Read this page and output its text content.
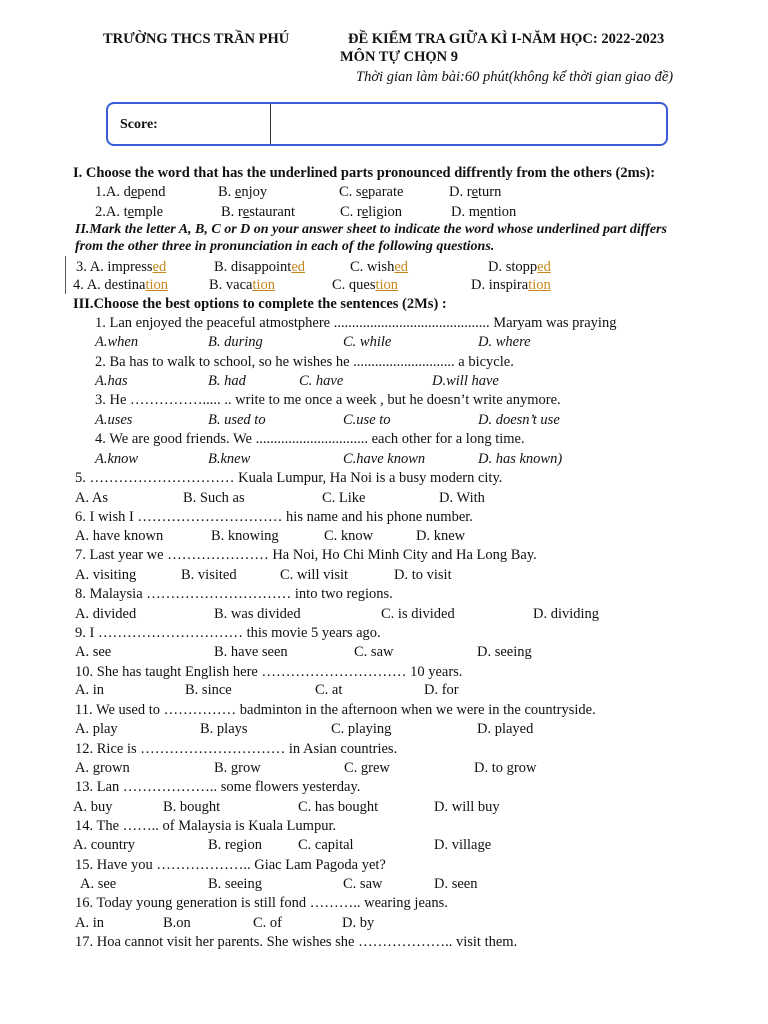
TRƯỜNG THCS TRẦN PHÚ	ĐỀ KIỂM TRA GIỮA KÌ I-NĂM HỌC: 2022-2023
MÔN TỰ CHỌN 9
Thời gian làm bài:60 phút(không kể thời gian giao đề)
Score:
I. Choose the word that has the underlined parts pronounced diffrently from the others (2ms):
1.A. depend	B. enjoy	C. separate	D. return
2.A. temple	B. restaurant	C. religion	D. mention
II.Mark the letter A, B, C or D on your answer sheet to indicate the word whose underlined part differs
from the other three in pronunciation in each of the following questions.
3. A. impressed	B. disappointed	C. wished	D. stopped
4. A. destination	B. vacation	C. question	D. inspiration
III.Choose the best options to complete the sentences (2Ms) :
1. Lan enjoyed the peaceful atmostphere ........................................... Maryam was praying
A.when	B. during	C. while	D. where
2. Ba has to walk to school, so he wishes he ............................ a bicycle.
A.has	B. had	C. have	D.will have
3. He ……………..... .. write to me once a week , but he doesn’t write anymore.
A.uses	B. used to	C.use to	D. doesn’t use
4. We are good friends. We ............................... each other for a long time.
A.know	B.knew	C.have known	D. has known)
5. ………………………… Kuala Lumpur, Ha Noi is a busy modern city.
A. As	B. Such as	C. Like	D. With
6. I wish I ………………………… his name and his phone number.
A. have known	B. knowing	C. know	D. knew
7. Last year we ………………… Ha Noi, Ho Chi Minh City and Ha Long Bay.
A. visiting	B. visited	C. will visit	D. to visit
8. Malaysia ………………………… into two regions.
A. divided	B. was divided	C. is divided	D. dividing
9. I ………………………… this movie 5 years ago.
A. see	B. have seen	C. saw	D. seeing
10. She has taught English here ………………………… 10 years.
A. in	B. since	C. at	D. for
11. We used to …………… badminton in the afternoon when we were in the countryside.
A. play	B. plays	C. playing	D. played
12. Rice is ………………………… in Asian countries.
A. grown	B. grow	C. grew	D. to grow
13. Lan ……………….. some flowers yesterday.
A. buy	B. bought	C. has bought	D. will buy
14. The …….. of Malaysia is Kuala Lumpur.
A. country	B. region C. capital	D. village
15. Have you ……………….. Giac Lam Pagoda yet?
A. see	B. seeing	C. saw	D. seen
16. Today young generation is still fond ……….. wearing jeans.
A. in	B.on	C. of	D. by
17. Hoa cannot visit her parents. She wishes she ……………….. visit them.
